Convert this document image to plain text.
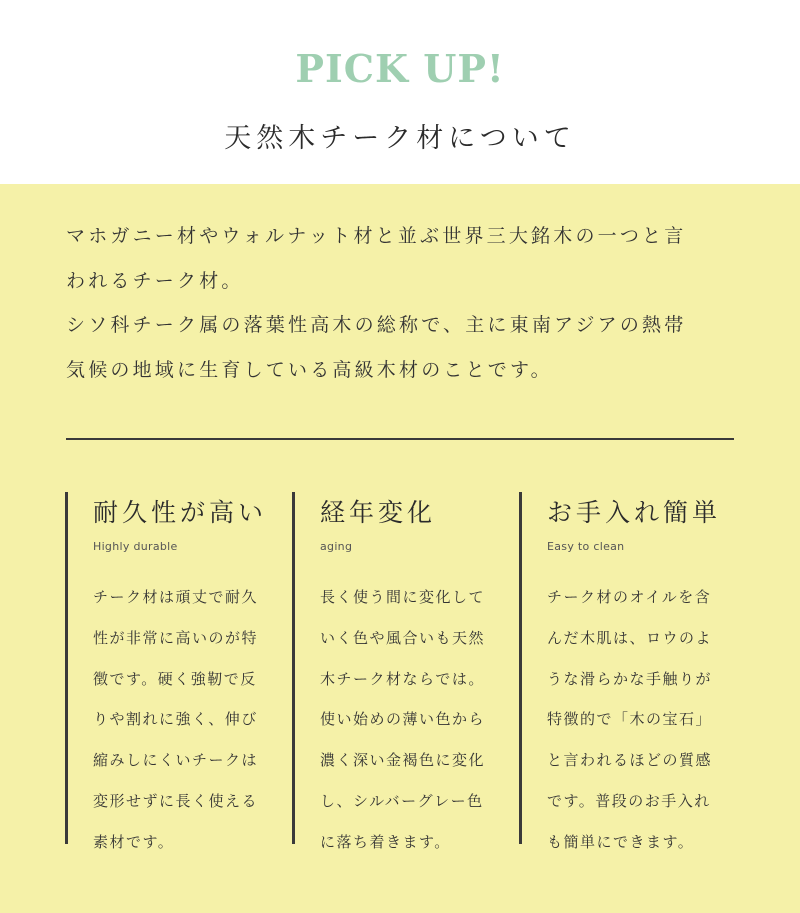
PICK UP!
天然木チーク材について

マホガニー材やウォルナット材と並ぶ世界三大銘木の一つと言

われるチーク材。

シソ科チーク属の落葉性高木の総称で、主に東南アジアの熱帯

気候の地域に生育している高級木材のことです。

耐久性が高い
Highly durable
チーク材は頑丈で耐久
性が非常に高いのが特
徴です。硬く強靭で反
りや割れに強く、伸び
縮みしにくいチークは
変形せずに長く使える
素材です。
経年変化
aging
長く使う間に変化して
いく色や風合いも天然
木チーク材ならでは。
使い始めの薄い色から
濃く深い金褐色に変化
し、シルバーグレー色
に落ち着きます。
お手入れ簡単
Easy to clean
チーク材のオイルを含
んだ木肌は、ロウのよ
うな滑らかな手触りが
特徴的で「木の宝石」
と言われるほどの質感
です。普段のお手入れ
も簡単にできます。
